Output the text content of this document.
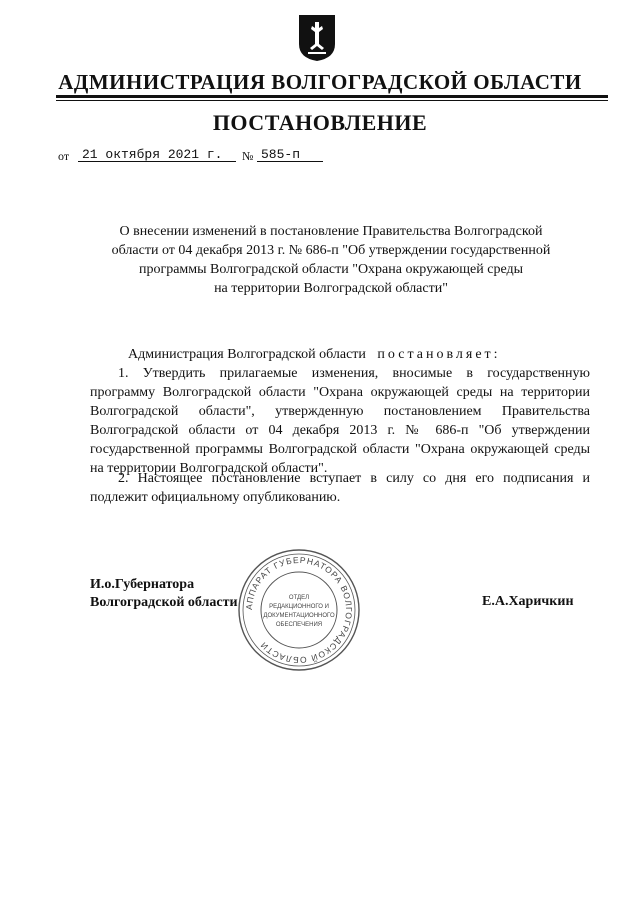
АДМИНИСТРАЦИЯ ВОЛГОГРАДСКОЙ ОБЛАСТИ
ПОСТАНОВЛЕНИЕ
от 21 октября 2021 г.	№ 585-п
О внесении изменений в постановление Правительства Волгоградской
области от 04 декабря 2013 г. № 686-п "Об утверждении государственной
программы Волгоградской области "Охрана окружающей среды
на территории Волгоградской области"
Администрация Волгоградской области постановляет:
1. Утвердить прилагаемые изменения, вносимые в государственную программу Волгоградской области "Охрана окружающей среды на территории Волгоградской области", утвержденную постановлением Правительства Волгоградской области от 04 декабря 2013 г. № 686-п "Об утверждении государственной программы Волгоградской области "Охрана окружающей среды на территории Волгоградской области".
2. Настоящее постановление вступает в силу со дня его подписания и подлежит официальному опубликованию.
И.о.Губернатора
Волгоградской области	Е.А.Харичкин
АППАРАТ ГУБЕРНАТОРА ВОЛГОГРАДСКОЙ ОБЛАСТИ
ОТДЕЛ
РЕДАКЦИОННОГО И
ДОКУМЕНТАЦИОННОГО
ОБЕСПЕЧЕНИЯ
